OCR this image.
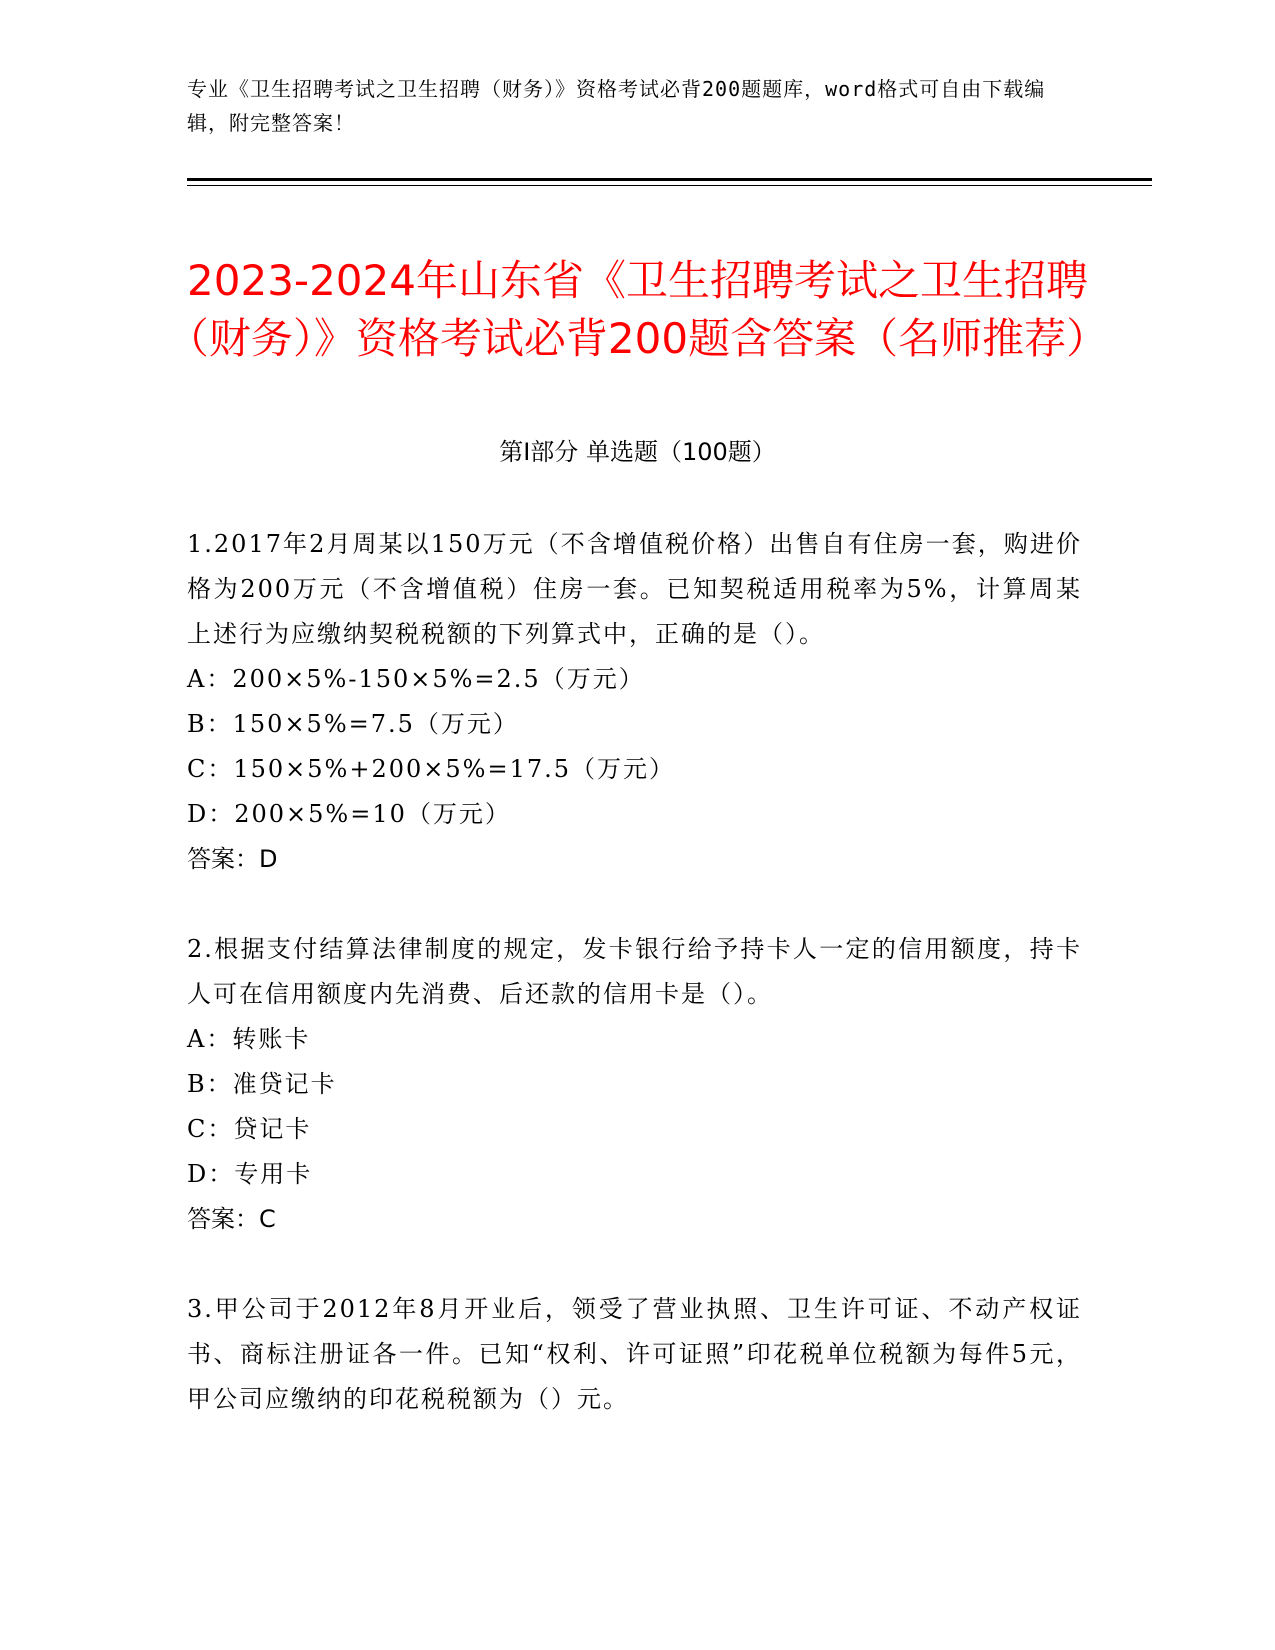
专业《卫生招聘考试之卫生招聘（财务）》资格考试必背200题题库，word格式可自由下载编辑，附完整答案！
2023-2024年山东省《卫生招聘考试之卫生招聘（财务）》资格考试必背200题含答案（名师推荐）
第Ⅰ部分 单选题（100题）
1.2017年2月周某以150万元（不含增值税价格）出售自有住房一套，购进价格为200万元（不含增值税）住房一套。已知契税适用税率为5%，计算周某上述行为应缴纳契税税额的下列算式中，正确的是（）。
A：200×5%-150×5%=2.5（万元）
B：150×5%=7.5（万元）
C：150×5%+200×5%=17.5（万元）
D：200×5%=10（万元）
答案：D
2.根据支付结算法律制度的规定，发卡银行给予持卡人一定的信用额度，持卡人可在信用额度内先消费、后还款的信用卡是（）。
A：转账卡
B：准贷记卡
C：贷记卡
D：专用卡
答案：C
3.甲公司于2012年8月开业后，领受了营业执照、卫生许可证、不动产权证书、商标注册证各一件。已知“权利、许可证照”印花税单位税额为每件5元，甲公司应缴纳的印花税税额为（）元。
